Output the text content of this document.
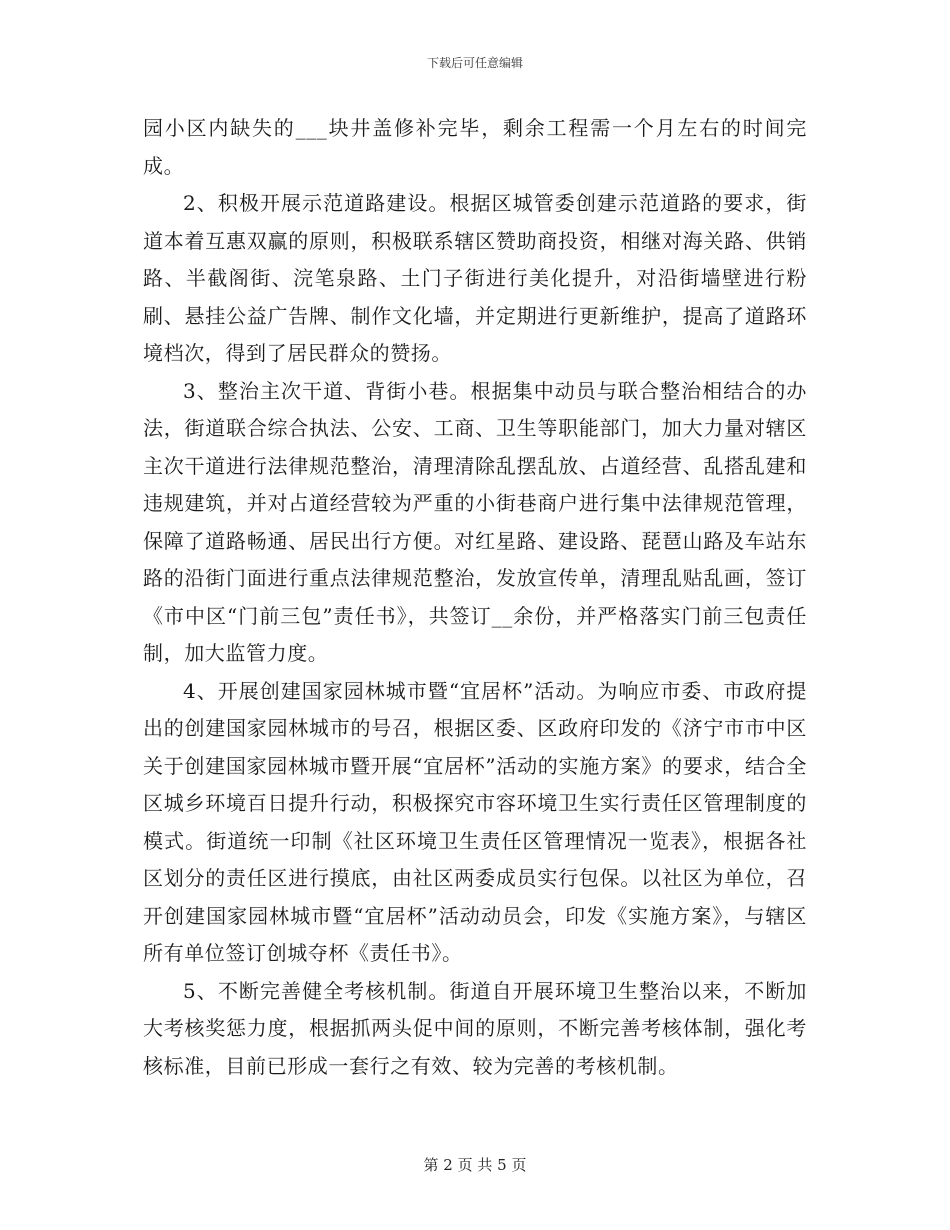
下载后可任意编辑

园小区内缺失的___块井盖修补完毕，剩余工程需一个月左右的时间完成。

2、积极开展示范道路建设。根据区城管委创建示范道路的要求，街道本着互惠双赢的原则，积极联系辖区赞助商投资，相继对海关路、供销路、半截阁街、浣笔泉路、土门子街进行美化提升，对沿街墙壁进行粉刷、悬挂公益广告牌、制作文化墙，并定期进行更新维护，提高了道路环境档次，得到了居民群众的赞扬。

3、整治主次干道、背街小巷。根据集中动员与联合整治相结合的办法，街道联合综合执法、公安、工商、卫生等职能部门，加大力量对辖区主次干道进行法律规范整治，清理清除乱摆乱放、占道经营、乱搭乱建和违规建筑，并对占道经营较为严重的小街巷商户进行集中法律规范管理，保障了道路畅通、居民出行方便。对红星路、建设路、琵琶山路及车站东路的沿街门面进行重点法律规范整治，发放宣传单，清理乱贴乱画，签订《市中区“门前三包”责任书》，共签订__余份，并严格落实门前三包责任制，加大监管力度。

4、开展创建国家园林城市暨“宜居杯”活动。为响应市委、市政府提出的创建国家园林城市的号召，根据区委、区政府印发的《济宁市市中区关于创建国家园林城市暨开展“宜居杯”活动的实施方案》的要求，结合全区城乡环境百日提升行动，积极探究市容环境卫生实行责任区管理制度的模式。街道统一印制《社区环境卫生责任区管理情况一览表》，根据各社区划分的责任区进行摸底，由社区两委成员实行包保。以社区为单位，召开创建国家园林城市暨“宜居杯”活动动员会，印发《实施方案》，与辖区所有单位签订创城夺杯《责任书》。

5、不断完善健全考核机制。街道自开展环境卫生整治以来，不断加大考核奖惩力度，根据抓两头促中间的原则，不断完善考核体制，强化考核标准，目前已形成一套行之有效、较为完善的考核机制。

第 2 页 共 5 页
